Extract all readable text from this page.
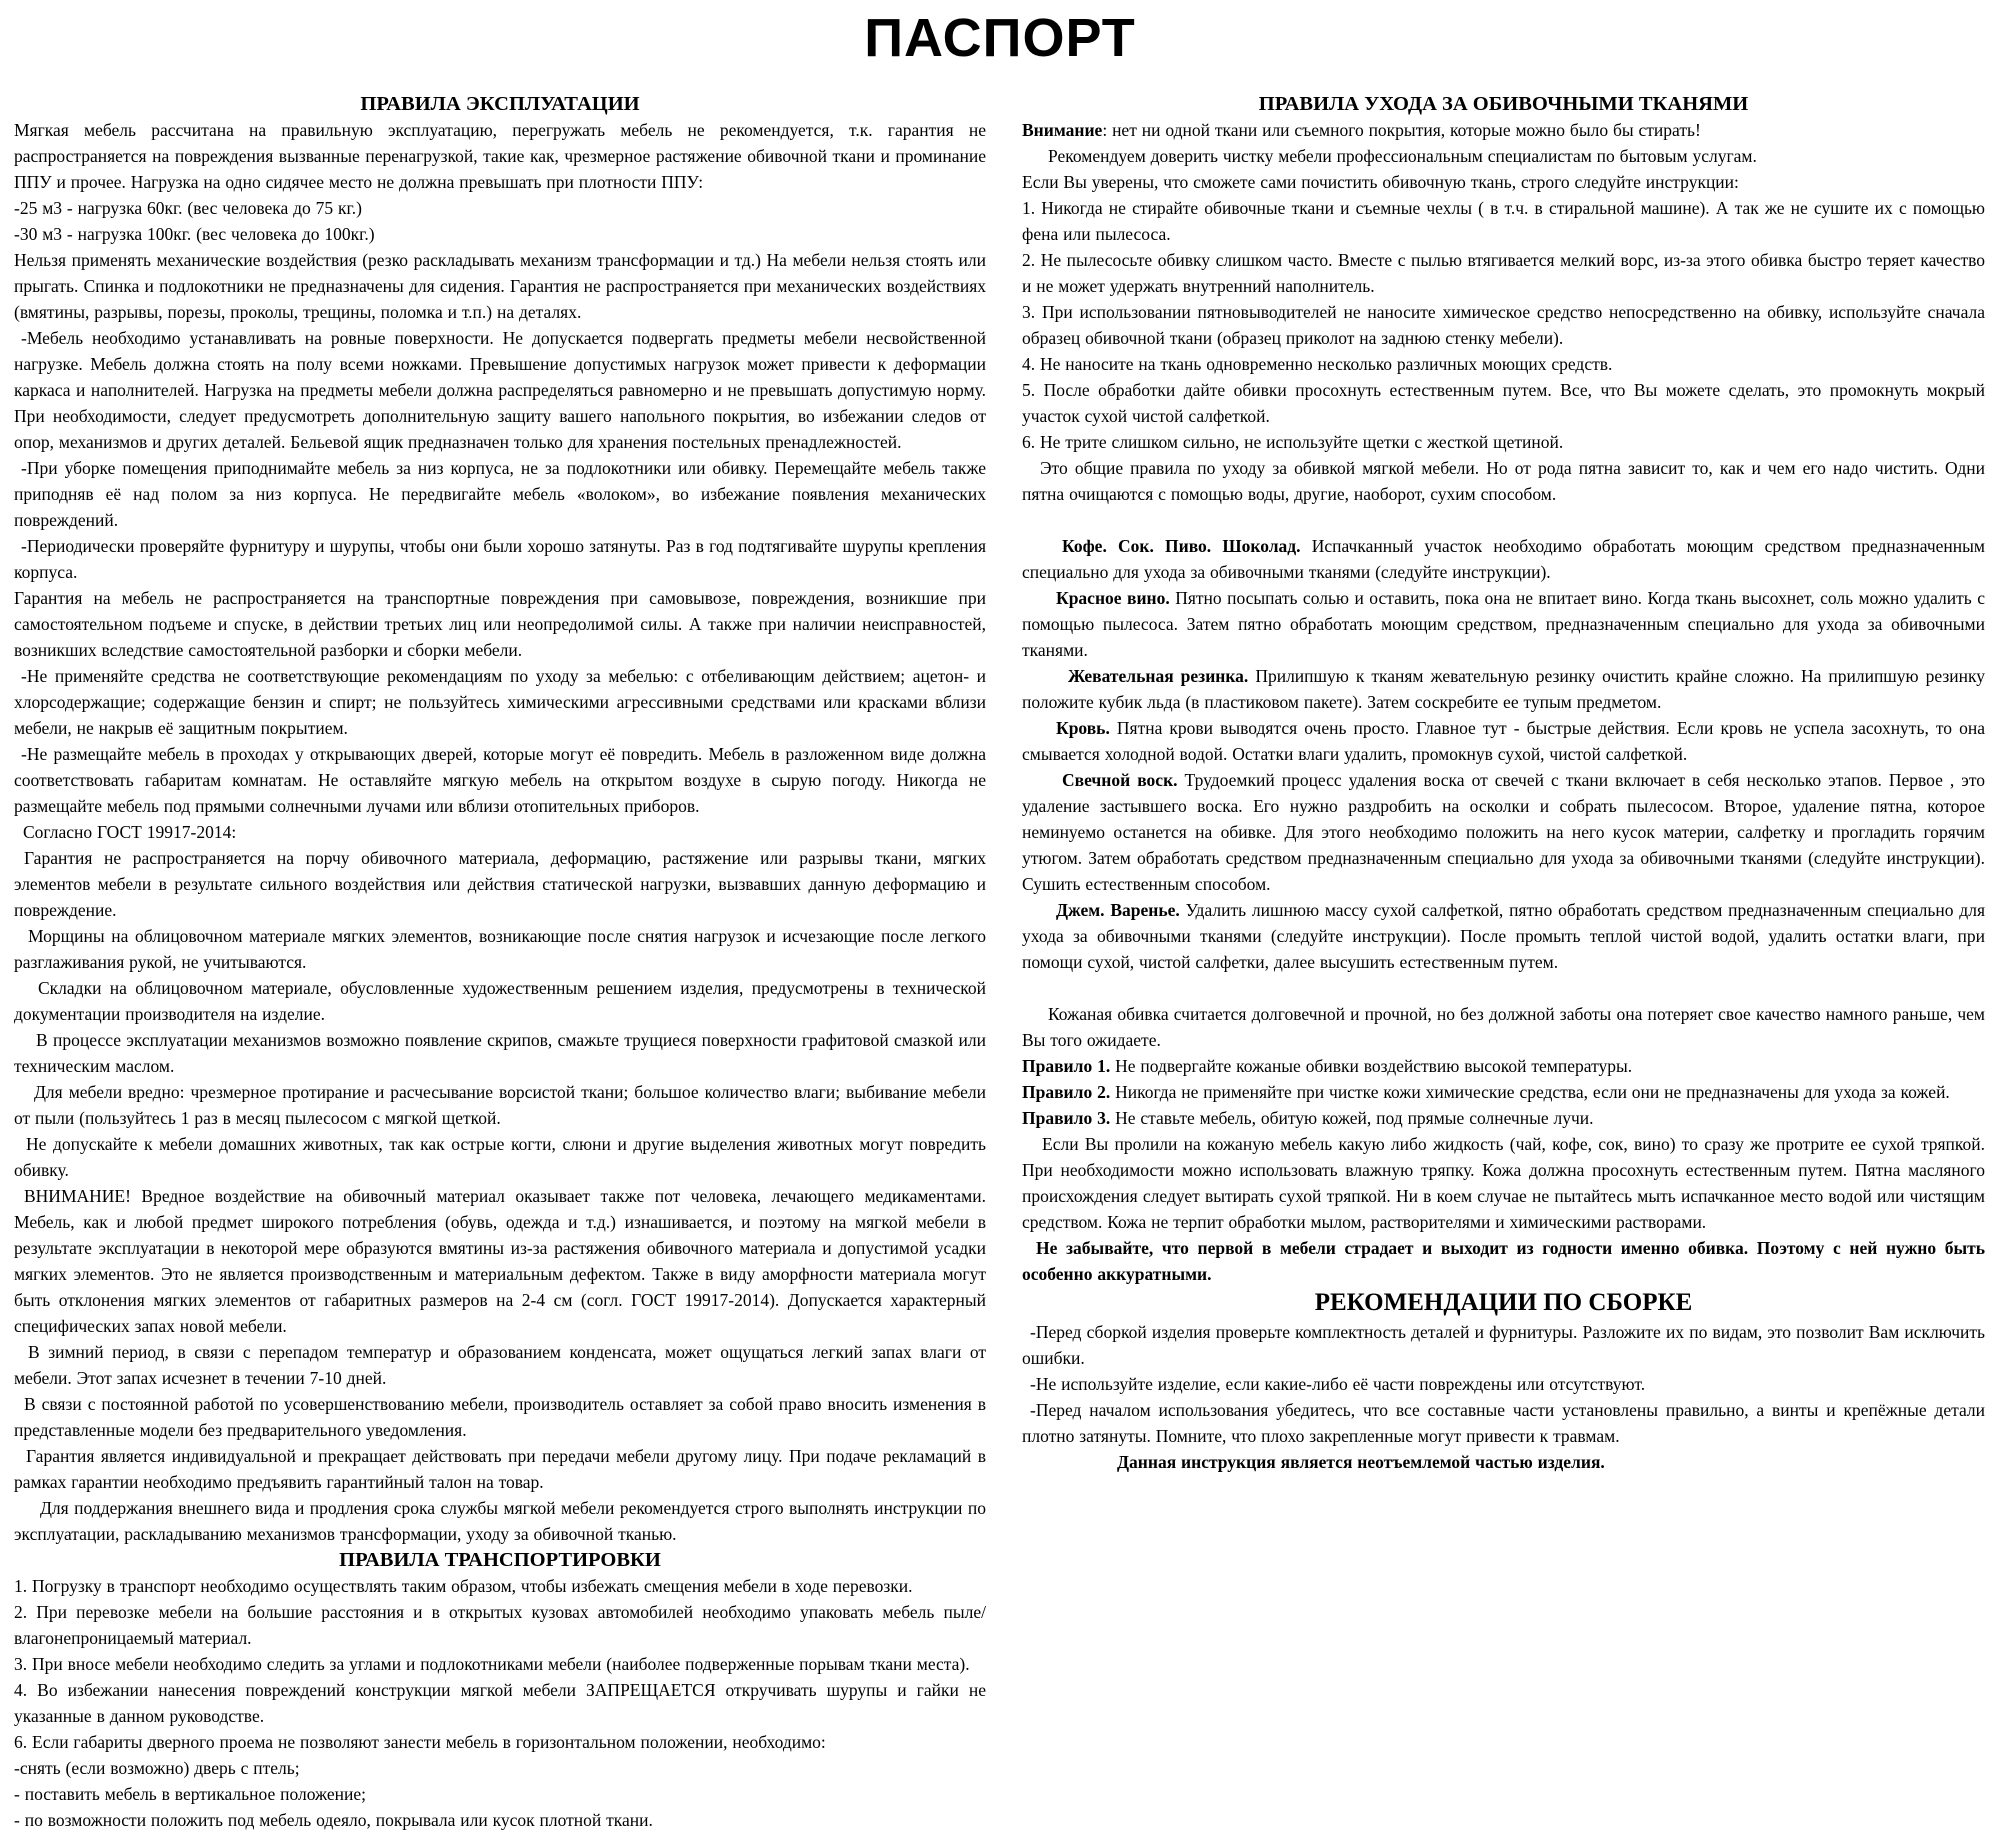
ПАСПОРТ
ПРАВИЛА ЭКСПЛУАТАЦИИ

Мягкая мебель рассчитана на правильную эксплуатацию, перегружать мебель не рекомендуется, т.к. гарантия не распространяется на повреждения вызванные перенагрузкой, такие как, чрезмерное растяжение обивочной ткани и проминание ППУ и прочее. Нагрузка на одно сидячее место не должна превышать при плотности ППУ:

-25 м3 - нагрузка 60кг. (вес человека до 75 кг.)

-30 м3 - нагрузка 100кг. (вес человека до 100кг.)

Нельзя применять механические воздействия (резко раскладывать механизм трансформации и тд.) На мебели нельзя стоять или прыгать. Спинка и подлокотники не предназначены для сидения. Гарантия не распространяется при механических воздействиях (вмятины, разрывы, порезы, проколы, трещины, поломка и т.п.) на деталях.

-Мебель необходимо устанавливать на ровные поверхности. Не допускается подвергать предметы мебели несвойственной нагрузке. Мебель должна стоять на полу всеми ножками. Превышение допустимых нагрузок может привести к деформации каркаса и наполнителей. Нагрузка на предметы мебели должна распределяться равномерно и не превышать допустимую норму. При необходимости, следует предусмотреть дополнительную защиту вашего напольного покрытия, во избежании следов от опор, механизмов и других деталей. Бельевой ящик предназначен только для хранения постельных пренадлежностей.

-При уборке помещения приподнимайте мебель за низ корпуса, не за подлокотники или обивку. Перемещайте мебель также приподняв её над полом за низ корпуса. Не передвигайте мебель «волоком», во избежание появления механических повреждений.

-Периодически проверяйте фурнитуру и шурупы, чтобы они были хорошо затянуты. Раз в год подтягивайте шурупы крепления корпуса.

Гарантия на мебель не распространяется на транспортные повреждения при самовывозе, повреждения, возникшие при самостоятельном подъеме и спуске, в действии третьих лиц или неопредолимой силы. А также при наличии неисправностей, возникших вследствие самостоятельной разборки и сборки мебели.

-Не применяйте средства не соответствующие рекомендациям по уходу за мебелью: с отбеливающим действием; ацетон- и хлорсодержащие; содержащие бензин и спирт; не пользуйтесь химическими агрессивными средствами или красками вблизи мебели, не накрыв её защитным покрытием.

-Не размещайте мебель в проходах у открывающих дверей, которые могут её повредить. Мебель в разложенном виде должна соответствовать габаритам комнатам. Не оставляйте мягкую мебель на открытом воздухе в сырую погоду. Никогда не размещайте мебель под прямыми солнечными лучами или вблизи отопительных приборов.

Согласно ГОСТ 19917-2014:

Гарантия не распространяется на порчу обивочного материала, деформацию, растяжение или разрывы ткани, мягких элементов мебели в результате сильного воздействия или действия статической нагрузки, вызвавших данную деформацию и повреждение.

Морщины на облицовочном материале мягких элементов, возникающие после снятия нагрузок и исчезающие после легкого разглаживания рукой, не учитываются.

Складки на облицовочном материале, обусловленные художественным решением изделия, предусмотрены в технической документации производителя на изделие.

В процессе эксплуатации механизмов возможно появление скрипов, смажьте трущиеся поверхности графитовой смазкой или техническим маслом.

Для мебели вредно: чрезмерное протирание и расчесывание ворсистой ткани; большое количество влаги; выбивание мебели от пыли (пользуйтесь 1 раз в месяц пылесосом с мягкой щеткой.

Не допускайте к мебели домашних животных, так как острые когти, слюни и другие выделения животных могут повредить обивку.

ВНИМАНИЕ! Вредное воздействие на обивочный материал оказывает также пот человека, лечающего медикаментами. Мебель, как и любой предмет широкого потребления (обувь, одежда и т.д.) изнашивается, и поэтому на мягкой мебели в результате эксплуатации в некоторой мере образуются вмятины из-за растяжения обивочного материала и допустимой усадки мягких элементов. Это не является производственным и материальным дефектом. Также в виду аморфности материала могут быть отклонения мягких элементов от габаритных размеров на 2-4 см (согл. ГОСТ 19917-2014). Допускается характерный специфических запах новой мебели.

В зимний период, в связи с перепадом температур и образованием конденсата, может ощущаться легкий запах влаги от мебели. Этот запах исчезнет в течении 7-10 дней.

В связи с постоянной работой по усовершенствованию мебели, производитель оставляет за собой право вносить изменения в представленные модели без предварительного уведомления.

Гарантия является индивидуальной и прекращает действовать при передачи мебели другому лицу. При подаче рекламаций в рамках гарантии необходимо предъявить гарантийный талон на товар.

Для поддержания внешнего вида и продления срока службы мягкой мебели рекомендуется строго выполнять инструкции по эксплуатации, раскладыванию механизмов трансформации, уходу за обивочной тканью.

ПРАВИЛА ТРАНСПОРТИРОВКИ

1. Погрузку в транспорт необходимо осуществлять таким образом, чтобы избежать смещения мебели в ходе перевозки.

2. При перевозке мебели на большие расстояния и в открытых кузовах автомобилей необходимо упаковать мебель пыле/влагонепроницаемый материал.

3. При вносе мебели необходимо следить за углами и подлокотниками мебели (наиболее подверженные порывам ткани места).

4. Во избежании нанесения повреждений конструкции мягкой мебели ЗАПРЕЩАЕТСЯ откручивать шурупы и гайки не указанные в данном руководстве.

6. Если габариты дверного проема не позволяют занести мебель в горизонтальном положении, необходимо:

-снять (если возможно) дверь с птель;

- поставить мебель в вертикальное положение;

- по возможности положить под мебель одеяло, покрывала или кусок плотной ткани.

ПРАВИЛА УХОДА ЗА ОБИВОЧНЫМИ ТКАНЯМИ

Внимание: нет ни одной ткани или съемного покрытия, которые можно было бы стирать!

Рекомендуем доверить чистку мебели профессиональным специалистам по бытовым услугам.

Если Вы уверены, что сможете сами почистить обивочную ткань, строго следуйте инструкции:

1. Никогда не стирайте обивочные ткани и съемные чехлы ( в т.ч. в стиральной машине). А так же не сушите их с помощью фена или пылесоса.

2. Не пылесосьте обивку слишком часто. Вместе с пылью втягивается мелкий ворс, из-за этого обивка быстро теряет качество и не может удержать внутренний наполнитель.

3. При использовании пятновыводителей не наносите химическое средство непосредственно на обивку, используйте сначала образец обивочной ткани (образец приколот на заднюю стенку мебели).

4. Не наносите на ткань одновременно несколько различных моющих средств.

5. После обработки дайте обивки просохнуть естественным путем. Все, что Вы можете сделать, это промокнуть мокрый участок сухой чистой салфеткой.

6. Не трите слишком сильно, не используйте щетки с жесткой щетиной.

Это общие правила по уходу за обивкой мягкой мебели. Но от рода пятна зависит то, как и чем его надо чистить. Одни пятна очищаются с помощью воды, другие, наоборот, сухим способом.

Кофе. Сок. Пиво. Шоколад. Испачканный участок необходимо обработать моющим средством предназначенным специально для ухода за обивочными тканями (следуйте инструкции).

Красное вино. Пятно посыпать солью и оставить, пока она не впитает вино. Когда ткань высохнет, соль можно удалить с помощью пылесоса. Затем пятно обработать моющим средством, предназначенным специально для ухода за обивочными тканями.

Жевательная резинка. Прилипшую к тканям жевательную резинку очистить крайне сложно. На прилипшую резинку положите кубик льда (в пластиковом пакете). Затем соскребите ее тупым предметом.

Кровь. Пятна крови выводятся очень просто. Главное тут - быстрые действия. Если кровь не успела засохнуть, то она смывается холодной водой. Остатки влаги удалить, промокнув сухой, чистой салфеткой.

Свечной воск. Трудоемкий процесс удаления воска от свечей с ткани включает в себя несколько этапов. Первое , это удаление застывшего воска. Его нужно раздробить на осколки и собрать пылесосом. Второе, удаление пятна, которое неминуемо останется на обивке. Для этого необходимо положить на него кусок материи, салфетку и прогладить горячим утюгом. Затем обработать средством предназначенным специально для ухода за обивочными тканями (следуйте инструкции). Сушить естественным способом.

Джем. Варенье. Удалить лишнюю массу сухой салфеткой, пятно обработать средством предназначенным специально для ухода за обивочными тканями (следуйте инструкции). После промыть теплой чистой водой, удалить остатки влаги, при помощи сухой, чистой салфетки, далее высушить естественным путем.

Кожаная обивка считается долговечной и прочной, но без должной заботы она потеряет свое качество намного раньше, чем Вы того ожидаете.

Правило 1. Не подвергайте кожаные обивки воздействию высокой температуры.

Правило 2. Никогда не применяйте при чистке кожи химические средства, если они не предназначены для ухода за кожей.

Правило 3. Не ставьте мебель, обитую кожей, под прямые солнечные лучи.

Если Вы пролили на кожаную мебель какую либо жидкость (чай, кофе, сок, вино) то сразу же протрите ее сухой тряпкой. При необходимости можно использовать влажную тряпку. Кожа должна просохнуть естественным путем. Пятна масляного происхождения следует вытирать сухой тряпкой. Ни в коем случае не пытайтесь мыть испачканное место водой или чистящим средством. Кожа не терпит обработки мылом, растворителями и химическими растворами.

Не забывайте, что первой в мебели страдает и выходит из годности именно обивка. Поэтому с ней нужно быть особенно аккуратными.

РЕКОМЕНДАЦИИ ПО СБОРКЕ

-Перед сборкой изделия проверьте комплектность деталей и фурнитуры. Разложите их по видам, это позволит Вам исключить ошибки.

-Не используйте изделие, если какие-либо её части повреждены или отсутствуют.

-Перед началом использования убедитесь, что все составные части установлены правильно, а винты и крепёжные детали плотно затянуты. Помните, что плохо закрепленные могут привести к травмам.

Данная инструкция является неотъемлемой частью изделия.
